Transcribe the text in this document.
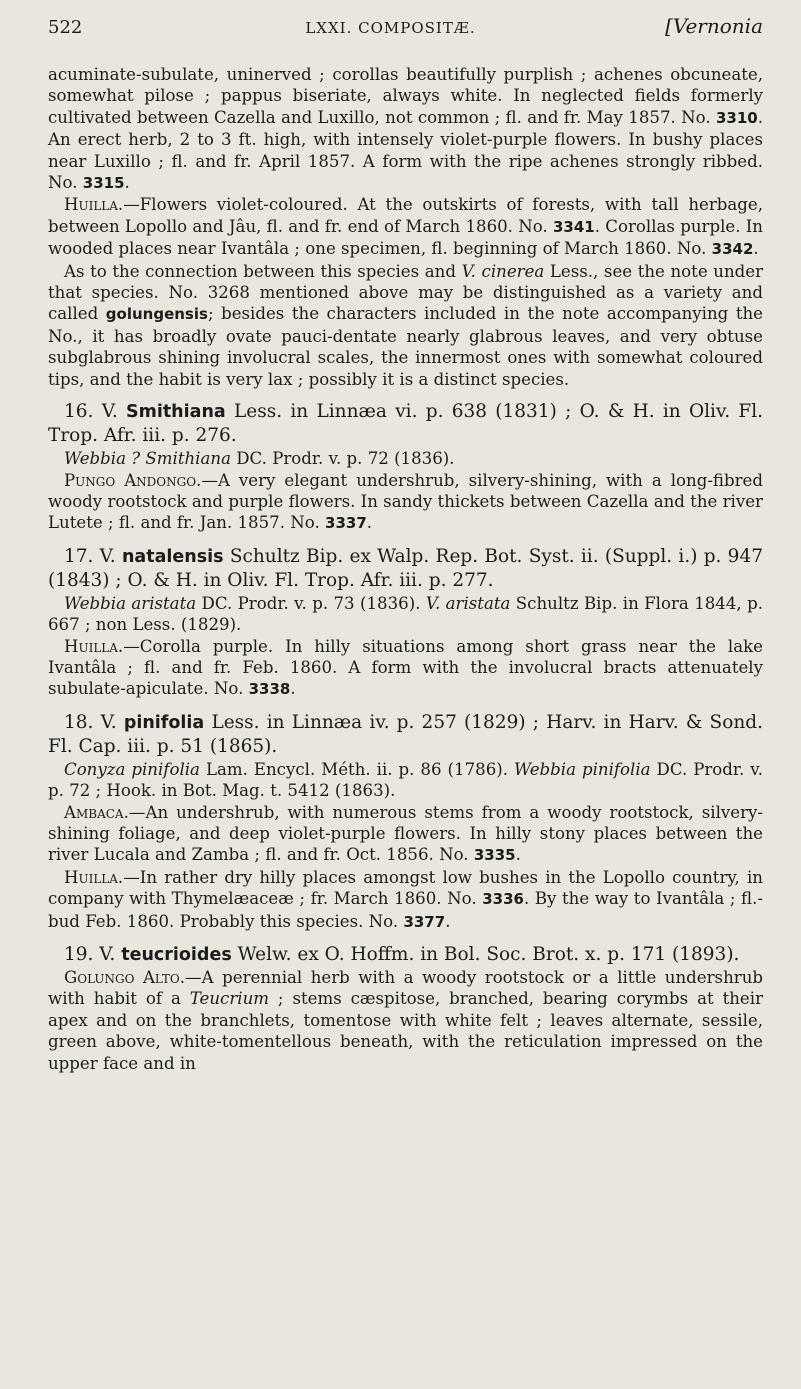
522	LXXI. COMPOSITÆ.	[Vernonia

acuminate-subulate, uninerved ; corollas beautifully purplish ; achenes obcuneate, somewhat pilose ; pappus biseriate, always white. In neglected fields formerly cultivated between Cazella and Luxillo, not common ; fl. and fr. May 1857. No. 3310. An erect herb, 2 to 3 ft. high, with intensely violet-purple flowers. In bushy places near Luxillo ; fl. and fr. April 1857. A form with the ripe achenes strongly ribbed. No. 3315.

Huilla.—Flowers violet-coloured. At the outskirts of forests, with tall herbage, between Lopollo and Jâu, fl. and fr. end of March 1860. No. 3341. Corollas purple. In wooded places near Ivantâla ; one specimen, fl. beginning of March 1860. No. 3342.

As to the connection between this species and V. cinerea Less., see the note under that species. No. 3268 mentioned above may be distinguished as a variety and called golungensis; besides the characters included in the note accompanying the No., it has broadly ovate pauci-dentate nearly glabrous leaves, and very obtuse subglabrous shining involucral scales, the innermost ones with somewhat coloured tips, and the habit is very lax ; possibly it is a distinct species.

16. V. Smithiana Less. in Linnæa vi. p. 638 (1831) ; O. & H. in Oliv. Fl. Trop. Afr. iii. p. 276.

Webbia ? Smithiana DC. Prodr. v. p. 72 (1836).

Pungo Andongo.—A very elegant undershrub, silvery-shining, with a long-fibred woody rootstock and purple flowers. In sandy thickets between Cazella and the river Lutete ; fl. and fr. Jan. 1857. No. 3337.

17. V. natalensis Schultz Bip. ex Walp. Rep. Bot. Syst. ii. (Suppl. i.) p. 947 (1843) ; O. & H. in Oliv. Fl. Trop. Afr. iii. p. 277.

Webbia aristata DC. Prodr. v. p. 73 (1836). V. aristata Schultz Bip. in Flora 1844, p. 667 ; non Less. (1829).

Huilla.—Corolla purple. In hilly situations among short grass near the lake Ivantâla ; fl. and fr. Feb. 1860. A form with the involucral bracts attenuately subulate-apiculate. No. 3338.

18. V. pinifolia Less. in Linnæa iv. p. 257 (1829) ; Harv. in Harv. & Sond. Fl. Cap. iii. p. 51 (1865).

Conyza pinifolia Lam. Encycl. Méth. ii. p. 86 (1786). Webbia pinifolia DC. Prodr. v. p. 72 ; Hook. in Bot. Mag. t. 5412 (1863).

Ambaca.—An undershrub, with numerous stems from a woody rootstock, silvery-shining foliage, and deep violet-purple flowers. In hilly stony places between the river Lucala and Zamba ; fl. and fr. Oct. 1856. No. 3335.

Huilla.—In rather dry hilly places amongst low bushes in the Lopollo country, in company with Thymelæaceæ ; fr. March 1860. No. 3336. By the way to Ivantâla ; fl.-bud Feb. 1860. Probably this species. No. 3377.

19. V. teucrioides Welw. ex O. Hoffm. in Bol. Soc. Brot. x. p. 171 (1893).

Golungo Alto.—A perennial herb with a woody rootstock or a little undershrub with habit of a Teucrium ; stems cæspitose, branched, bearing corymbs at their apex and on the branchlets, tomentose with white felt ; leaves alternate, sessile, green above, white-tomentellous beneath, with the reticulation impressed on the upper face and in
